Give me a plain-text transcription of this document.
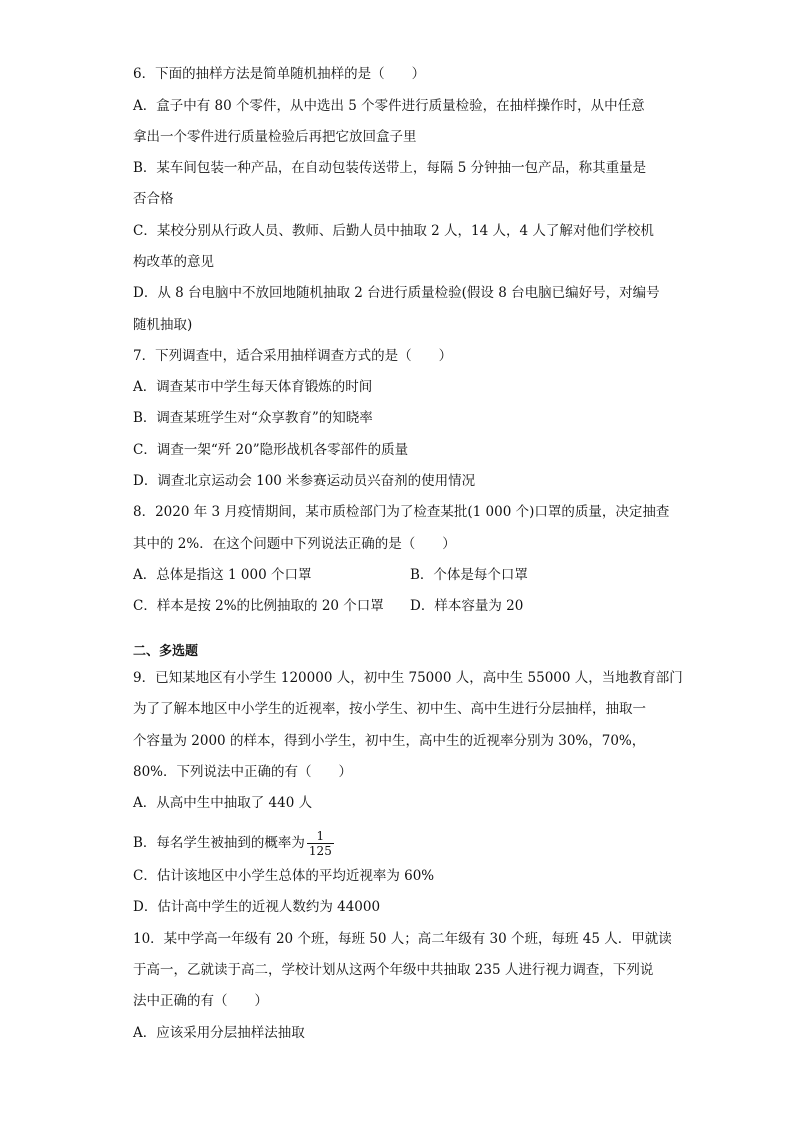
6．下面的抽样方法是简单随机抽样的是（　　）
A．盒子中有 80 个零件，从中选出 5 个零件进行质量检验，在抽样操作时，从中任意
拿出一个零件进行质量检验后再把它放回盒子里
B．某车间包装一种产品，在自动包装传送带上，每隔 5 分钟抽一包产品，称其重量是
否合格
C．某校分别从行政人员、教师、后勤人员中抽取 2 人，14 人，4 人了解对他们学校机
构改革的意见
D．从 8 台电脑中不放回地随机抽取 2 台进行质量检验(假设 8 台电脑已编好号，对编号
随机抽取)
7．下列调查中，适合采用抽样调查方式的是（　　）
A．调查某市中学生每天体育锻炼的时间
B．调查某班学生对“众享教育”的知晓率
C．调查一架“歼 20”隐形战机各零部件的质量
D．调查北京运动会 100 米参赛运动员兴奋剂的使用情况
8．2020 年 3 月疫情期间，某市质检部门为了检查某批(1 000 个)口罩的质量，决定抽查
其中的 2%．在这个问题中下列说法正确的是（　　）
A．总体是指这 1 000 个口罩	B．个体是每个口罩
C．样本是按 2%的比例抽取的 20 个口罩 D．样本容量为 20
二、多选题
9．已知某地区有小学生 120000 人，初中生 75000 人，高中生 55000 人，当地教育部门
为了了解本地区中小学生的近视率，按小学生、初中生、高中生进行分层抽样，抽取一
个容量为 2000 的样本，得到小学生，初中生，高中生的近视率分别为 30%，70%，
80%．下列说法中正确的有（　　）
A．从高中生中抽取了 440 人
B．每名学生被抽到的概率为 $\frac{1}{125}$
C．估计该地区中小学生总体的平均近视率为 60%
D．估计高中学生的近视人数约为 44000
10．某中学高一年级有 20 个班，每班 50 人；高二年级有 30 个班，每班 45 人．甲就读
于高一，乙就读于高二，学校计划从这两个年级中共抽取 235 人进行视力调查，下列说
法中正确的有（　　）
A．应该采用分层抽样法抽取
